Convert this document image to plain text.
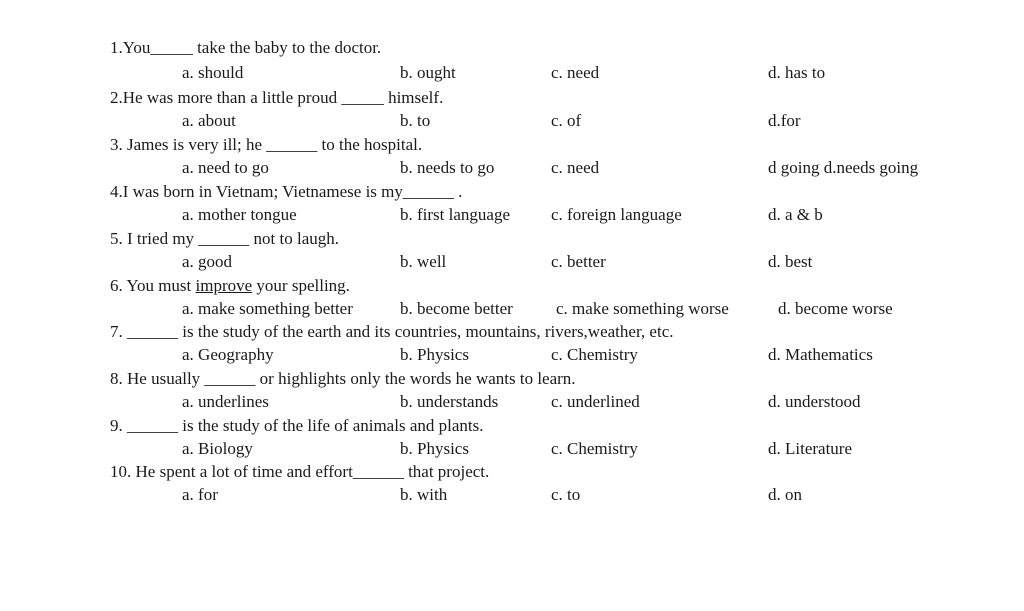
1.You_____ take the baby to the doctor.
a. should	b. ought	c. need	d. has to
2.He was more than a little proud _____ himself.
a. about	b. to	c. of	d.for
3. James is very ill; he ______ to the hospital.
a. need to go	b. needs to go	c. need	d going d.needs going
4.I was born in Vietnam; Vietnamese is my______ .
a. mother tongue	b. first language c. foreign language	d. a & b
5. I tried my ______ not to laugh.
a. good	b. well	c. better	d. best
6. You must improve your spelling.
a. make something better	b. become better	c. make something worse	d. become worse
7. ______ is the study of the earth and its countries, mountains, rivers,weather, etc.
a. Geography	b. Physics	c. Chemistry	d. Mathematics
8. He usually ______ or highlights only the words he wants to learn.
a. underlines	b. understands	c. underlined	d. understood
9. ______ is the study of the life of animals and plants.
a. Biology	b. Physics	c. Chemistry	d. Literature
10. He spent a lot of time and effort______ that project.
a. for	b. with	c. to	d. on
